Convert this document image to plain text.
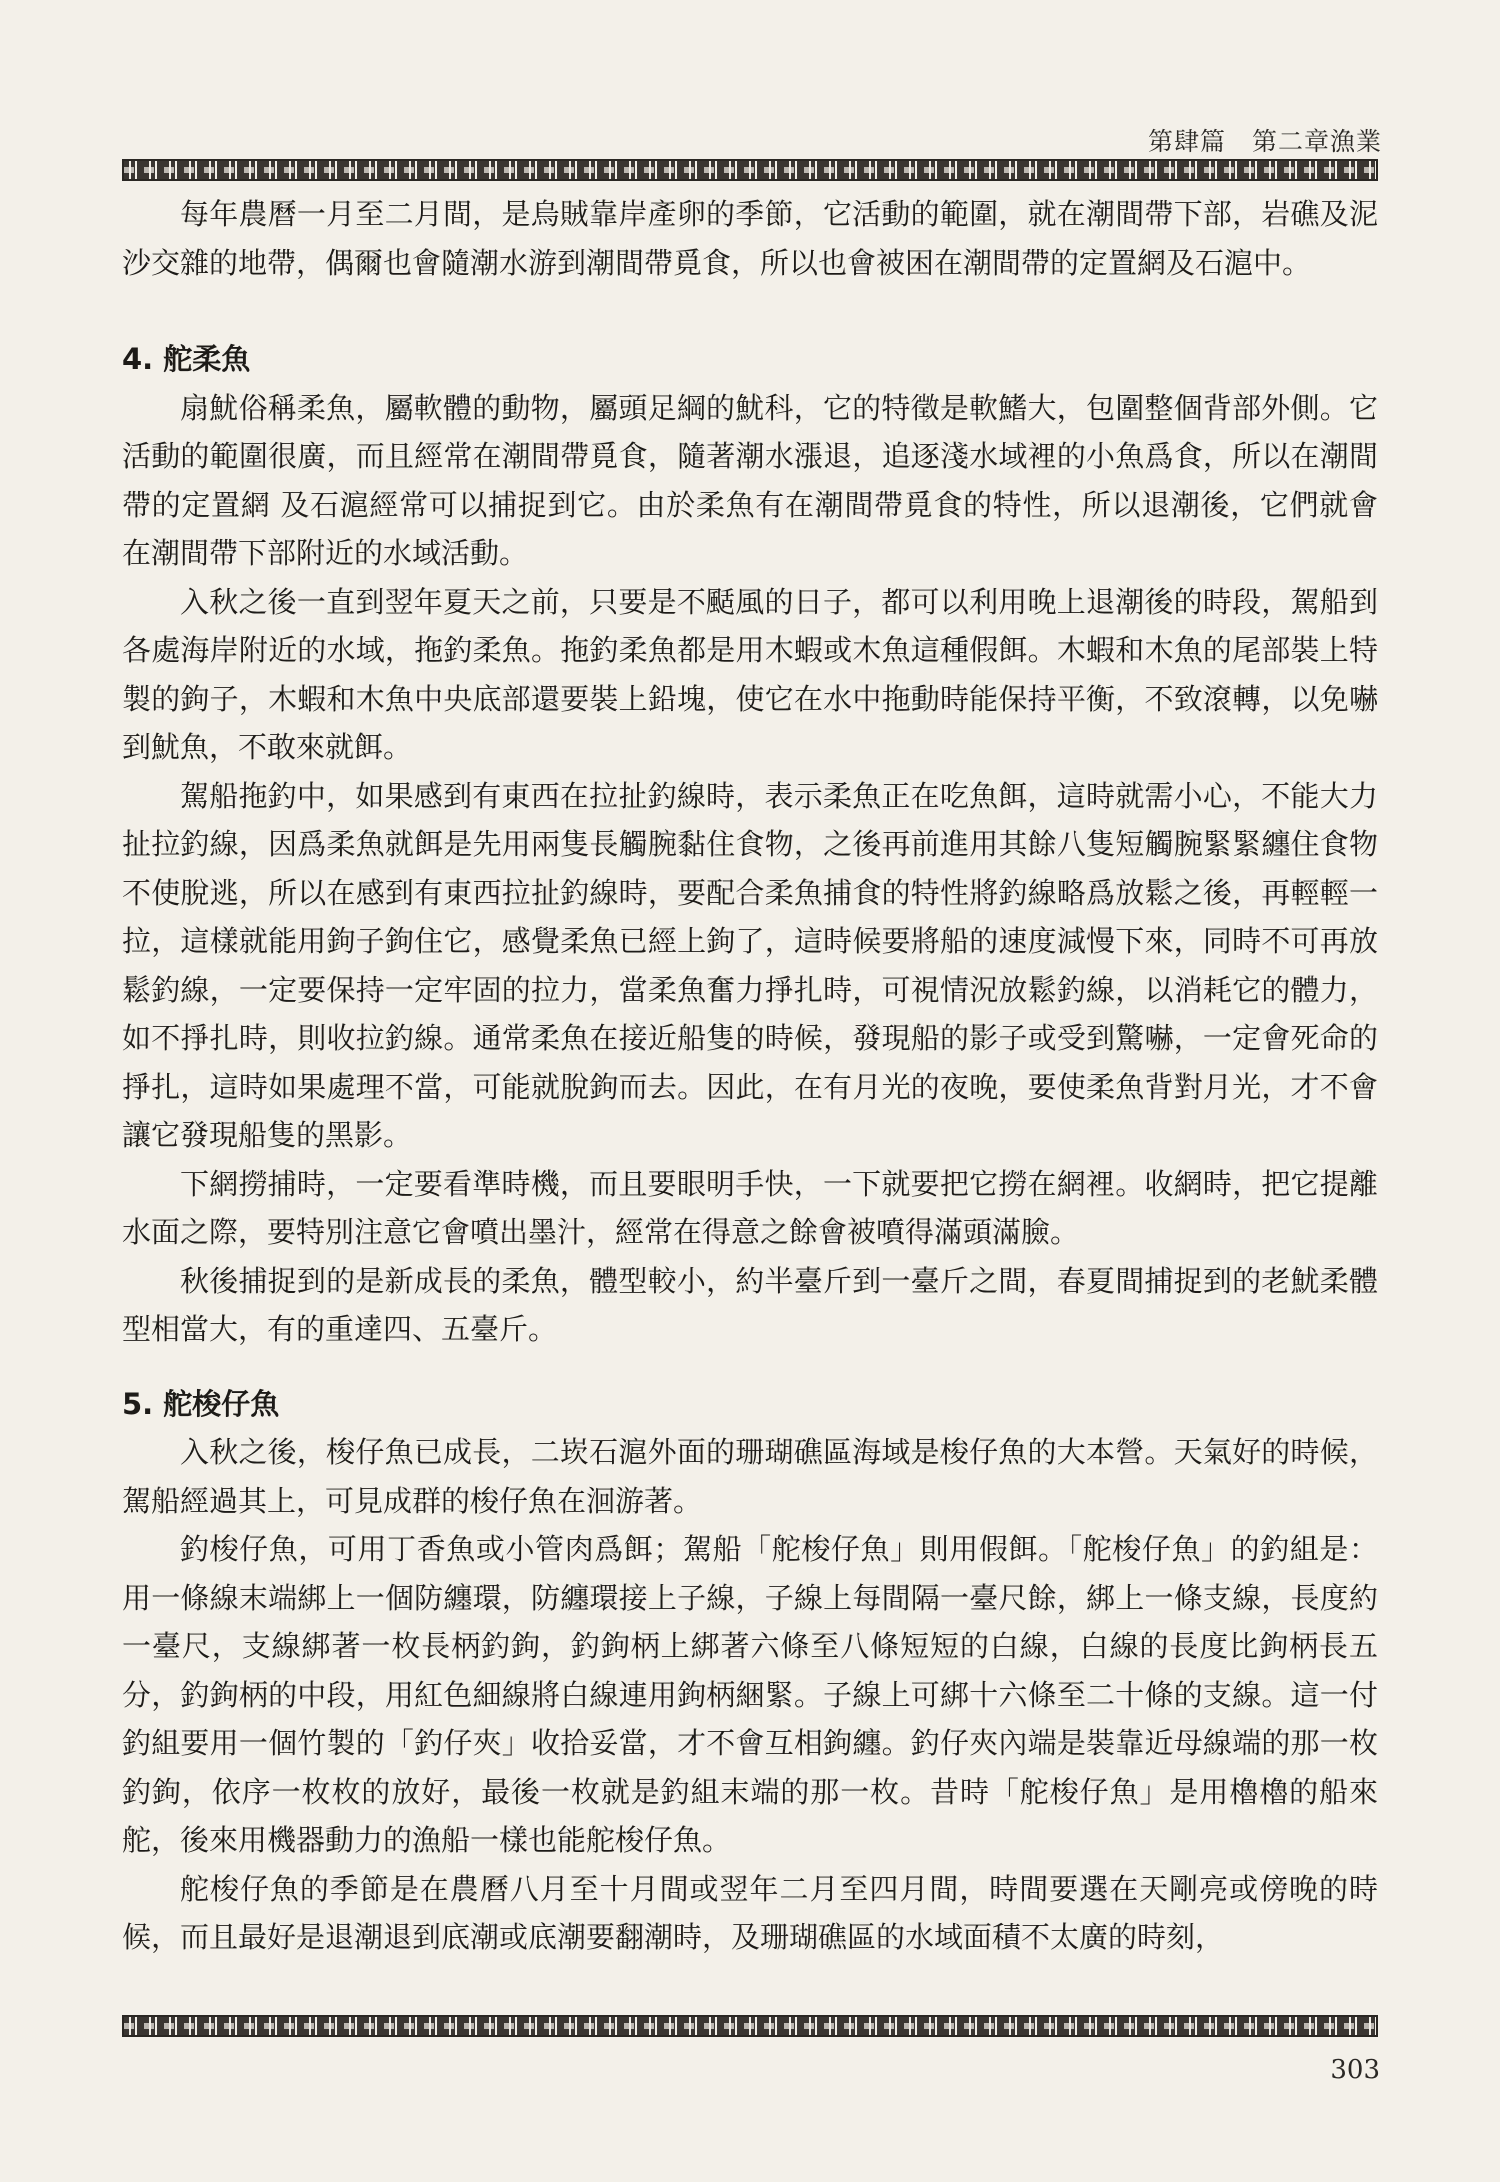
第肆篇　第二章漁業

每年農曆一月至二月間，是烏賊靠岸產卵的季節，它活動的範圍，就在潮間帶下部，岩礁及泥沙交雜的地帶，偶爾也會隨潮水游到潮間帶覓食，所以也會被困在潮間帶的定置網及石滬中。

4. 舵柔魚

扇魷俗稱柔魚，屬軟體的動物，屬頭足綱的魷科，它的特徵是軟鰭大，包圍整個背部外側。它活動的範圍很廣，而且經常在潮間帶覓食，隨著潮水漲退，追逐淺水域裡的小魚爲食，所以在潮間帶的定置網 及石滬經常可以捕捉到它。由於柔魚有在潮間帶覓食的特性，所以退潮後，它們就會在潮間帶下部附近的水域活動。

入秋之後一直到翌年夏天之前，只要是不颳風的日子，都可以利用晚上退潮後的時段，駕船到各處海岸附近的水域，拖釣柔魚。拖釣柔魚都是用木蝦或木魚這種假餌。木蝦和木魚的尾部裝上特製的鉤子，木蝦和木魚中央底部還要裝上鉛塊，使它在水中拖動時能保持平衡，不致滾轉，以免嚇到魷魚，不敢來就餌。

駕船拖釣中，如果感到有東西在拉扯釣線時，表示柔魚正在吃魚餌，這時就需小心，不能大力扯拉釣線，因爲柔魚就餌是先用兩隻長觸腕黏住食物，之後再前進用其餘八隻短觸腕緊緊纏住食物不使脫逃，所以在感到有東西拉扯釣線時，要配合柔魚捕食的特性將釣線略爲放鬆之後，再輕輕一拉，這樣就能用鉤子鉤住它，感覺柔魚已經上鉤了，這時候要將船的速度減慢下來，同時不可再放鬆釣線，一定要保持一定牢固的拉力，當柔魚奮力掙扎時，可視情況放鬆釣線，以消耗它的體力，如不掙扎時，則收拉釣線。通常柔魚在接近船隻的時候，發現船的影子或受到驚嚇，一定會死命的掙扎，這時如果處理不當，可能就脫鉤而去。因此，在有月光的夜晚，要使柔魚背對月光，才不會讓它發現船隻的黑影。

下網撈捕時，一定要看準時機，而且要眼明手快，一下就要把它撈在網裡。收網時，把它提離水面之際，要特別注意它會噴出墨汁，經常在得意之餘會被噴得滿頭滿臉。

秋後捕捉到的是新成長的柔魚，體型較小，約半臺斤到一臺斤之間，春夏間捕捉到的老魷柔體型相當大，有的重達四、五臺斤。

5. 舵梭仔魚

入秋之後，梭仔魚已成長，二崁石滬外面的珊瑚礁區海域是梭仔魚的大本營。天氣好的時候，駕船經過其上，可見成群的梭仔魚在洄游著。

釣梭仔魚，可用丁香魚或小管肉爲餌；駕船「舵梭仔魚」則用假餌。「舵梭仔魚」的釣組是：用一條線末端綁上一個防纏環，防纏環接上子線，子線上每間隔一臺尺餘，綁上一條支線，長度約一臺尺，支線綁著一枚長柄釣鉤，釣鉤柄上綁著六條至八條短短的白線，白線的長度比鉤柄長五分，釣鉤柄的中段，用紅色細線將白線連用鉤柄綑緊。子線上可綁十六條至二十條的支線。這一付釣組要用一個竹製的「釣仔夾」收拾妥當，才不會互相鉤纏。釣仔夾內端是裝靠近母線端的那一枚釣鉤，依序一枚枚的放好，最後一枚就是釣組末端的那一枚。昔時「舵梭仔魚」是用櫓櫓的船來舵，後來用機器動力的漁船一樣也能舵梭仔魚。

舵梭仔魚的季節是在農曆八月至十月間或翌年二月至四月間，時間要選在天剛亮或傍晚的時候，而且最好是退潮退到底潮或底潮要翻潮時，及珊瑚礁區的水域面積不太廣的時刻，

303
